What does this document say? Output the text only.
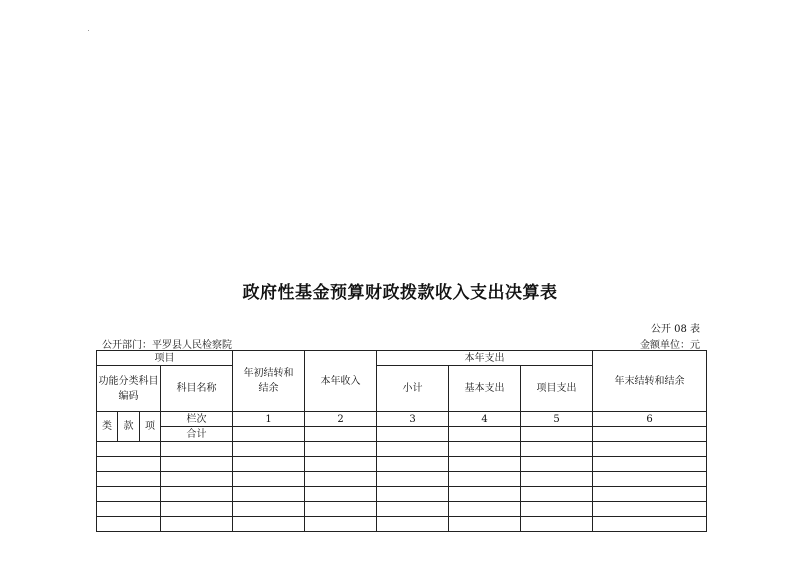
政府性基金预算财政拨款收入支出决算表
公开 08 表
公开部门：平罗县人民检察院	金额单位：元
项目				年初结转和结余	本年收入	本年支出			年末结转和结余
功能分类科目编码			科目名称			小计	基本支出	项目支出	
类	款	项	栏次	1	2	3	4	5	6
			合计						
